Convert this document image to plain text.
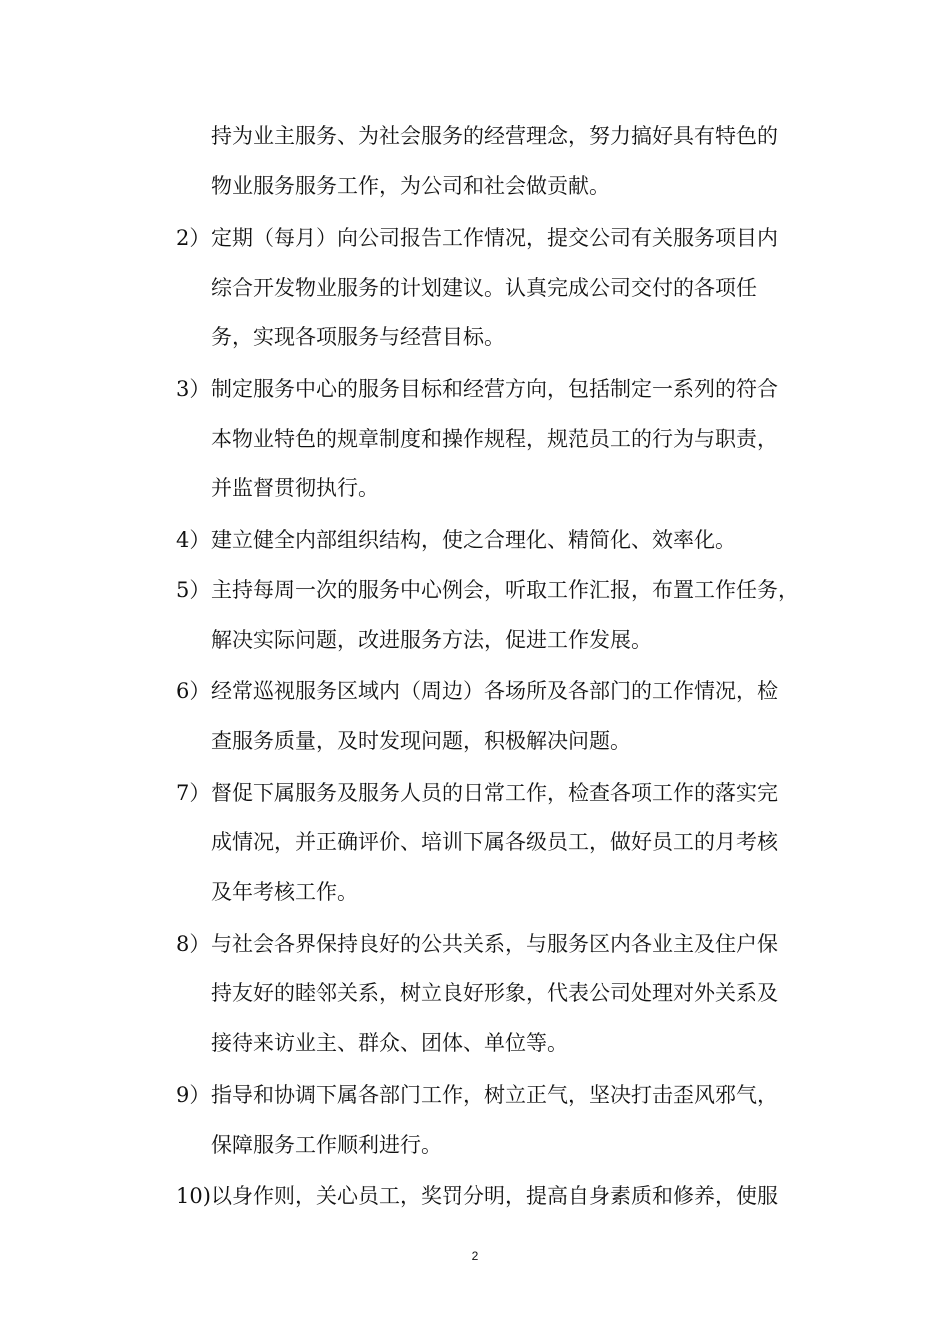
持为业主服务、为社会服务的经营理念，努力搞好具有特色的
物业服务服务工作，为公司和社会做贡献。
2） 定期（每月）向公司报告工作情况，提交公司有关服务项目内
综合开发物业服务的计划建议。认真完成公司交付的各项任
务，实现各项服务与经营目标。
3） 制定服务中心的服务目标和经营方向，包括制定一系列的符合
本物业特色的规章制度和操作规程，规范员工的行为与职责，
并监督贯彻执行。
4） 建立健全内部组织结构，使之合理化、精简化、效率化。
5） 主持每周一次的服务中心例会，听取工作汇报，布置工作任务，
解决实际问题，改进服务方法，促进工作发展。
6） 经常巡视服务区域内（周边）各场所及各部门的工作情况，检
查服务质量，及时发现问题，积极解决问题。
7） 督促下属服务及服务人员的日常工作，检查各项工作的落实完
成情况，并正确评价、培训下属各级员工，做好员工的月考核
及年考核工作。
8） 与社会各界保持良好的公共关系，与服务区内各业主及住户保
持友好的睦邻关系，树立良好形象，代表公司处理对外关系及
接待来访业主、群众、团体、单位等。
9） 指导和协调下属各部门工作，树立正气，坚决打击歪风邪气，
保障服务工作顺利进行。
10) 以身作则，关心员工，奖罚分明，提高自身素质和修养，使服
2
